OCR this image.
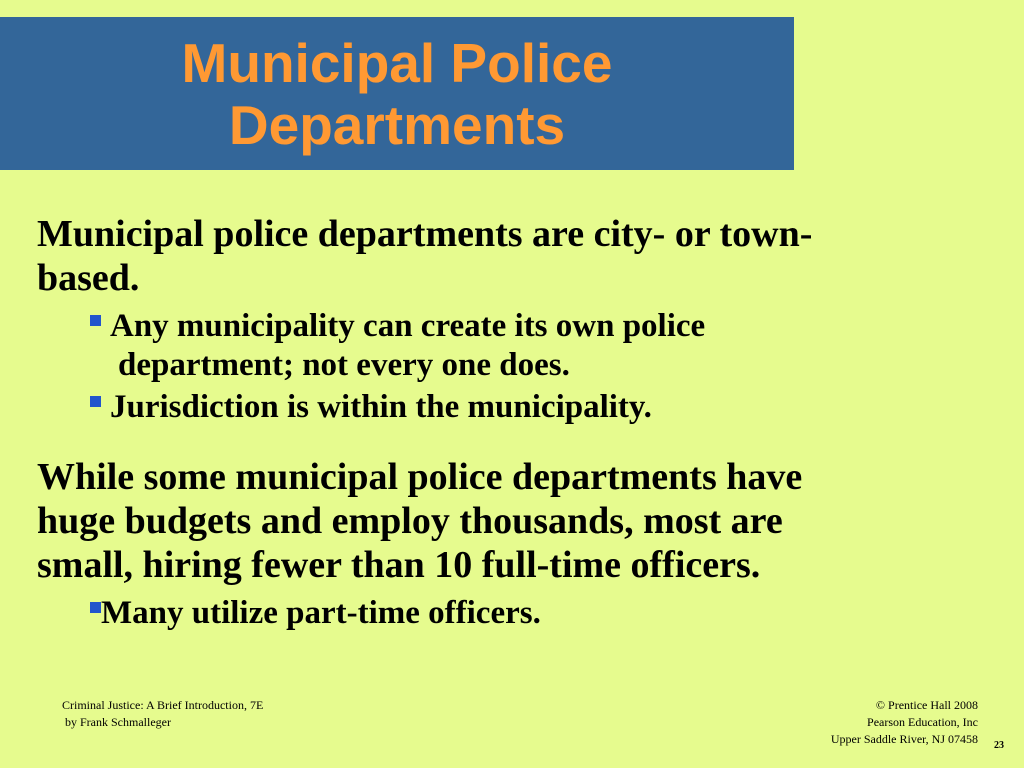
Municipal Police
Departments
Municipal police departments are city- or town-
based.
Any municipality can create its own police
department; not every one does.
Jurisdiction is within the municipality.
While some municipal police departments have
huge budgets and employ thousands, most are
small, hiring fewer than 10 full-time officers.
Many utilize part-time officers.
Criminal Justice: A Brief Introduction, 7E
by Frank Schmalleger
© Prentice Hall 2008
Pearson Education, Inc
Upper Saddle River, NJ 07458 23
